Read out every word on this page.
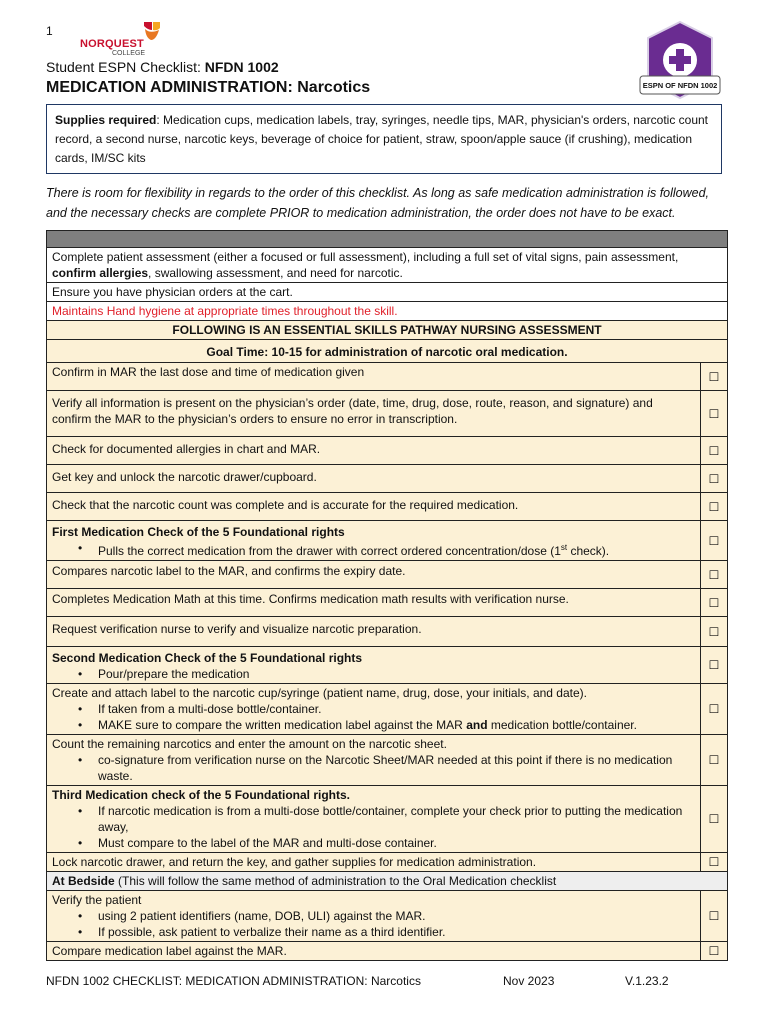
1
NORQUEST
COLLEGE
Student ESPN Checklist: NFDN 1002
MEDICATION ADMINISTRATION: Narcotics	ESPN OF NFDN 1002
Supplies required: Medication cups, medication labels, tray, syringes, needle tips, MAR, physician's orders, narcotic count record, a second nurse, narcotic keys, beverage of choice for patient, straw, spoon/apple sauce (if crushing), medication cards, IM/SC kits
There is room for flexibility in regards to the order of this checklist. As long as safe medication administration is followed, and the necessary checks are complete PRIOR to medication administration, the order does not have to be exact.

Complete patient assessment (either a focused or full assessment), including a full set of vital signs, pain assessment, confirm allergies, swallowing assessment, and need for narcotic.	
Ensure you have physician orders at the cart.	
Maintains Hand hygiene at appropriate times throughout the skill.	
FOLLOWING IS AN ESSENTIAL SKILLS PATHWAY NURSING ASSESSMENT	
Goal Time: 10-15 for administration of narcotic oral medication.	
Confirm in MAR the last dose and time of medication given	☐
Verify all information is present on the physician’s order (date, time, drug, dose, route, reason, and signature) and confirm the MAR to the physician’s orders to ensure no error in transcription.	☐
Check for documented allergies in chart and MAR.	☐
Get key and unlock the narcotic drawer/cupboard.	☐
Check that the narcotic count was complete and is accurate for the required medication.	☐
First Medication Check of the 5 Foundational rights
• Pulls the correct medication from the drawer with correct ordered concentration/dose (1st check).	☐
Compares narcotic label to the MAR, and confirms the expiry date.	☐
Completes Medication Math at this time. Confirms medication math results with verification nurse.	☐
Request verification nurse to verify and visualize narcotic preparation.	☐
Second Medication Check of the 5 Foundational rights
• Pour/prepare the medication	☐
Create and attach label to the narcotic cup/syringe (patient name, drug, dose, your initials, and date).
• If taken from a multi-dose bottle/container.
• MAKE sure to compare the written medication label against the MAR and medication bottle/container.	☐
Count the remaining narcotics and enter the amount on the narcotic sheet.
• co-signature from verification nurse on the Narcotic Sheet/MAR needed at this point if there is no medication waste.	☐
Third Medication check of the 5 Foundational rights.
• If narcotic medication is from a multi-dose bottle/container, complete your check prior to putting the medication away,
• Must compare to the label of the MAR and multi-dose container.	☐
Lock narcotic drawer, and return the key, and gather supplies for medication administration.	☐
At Bedside (This will follow the same method of administration to the Oral Medication checklist	
Verify the patient
• using 2 patient identifiers (name, DOB, ULI) against the MAR.
• If possible, ask patient to verbalize their name as a third identifier.	☐
Compare medication label against the MAR.	☐
NFDN 1002 CHECKLIST: MEDICATION ADMINISTRATION: Narcotics	Nov 2023	V.1.23.2
